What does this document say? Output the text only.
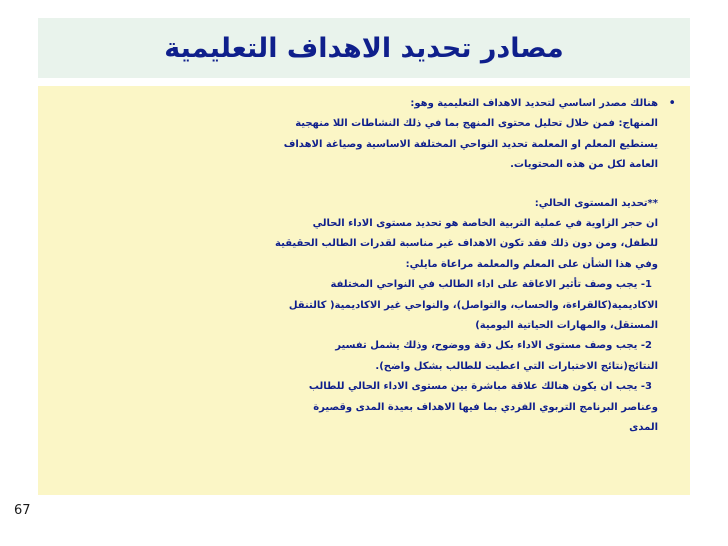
مصادر تحديد الاهداف التعليمية
•
هنالك مصدر اساسي لتحديد الاهداف التعليمية وهو:
المنهاج: فمن خلال تحليل محتوى المنهج بما في ذلك النشاطات اللا منهجية
يستطيع المعلم او المعلمة تحديد النواحي المختلفة الاساسية وصياغة الاهداف
العامة لكل من هذه المحتويات.
**تحديد المستوى الحالي:
ان حجر الزاوية في عملية التربية الخاصة هو تحديد مستوى الاداء الحالي
للطفل، ومن دون ذلك فقد تكون الاهداف غير مناسبة لقدرات الطالب الحقيقية
وفي هذا الشأن على المعلم والمعلمة مراعاة مايلي:
1- يجب وصف تأثير الاعاقة على اداء الطالب في النواحي المختلفة
الاكاديمية(كالقراءة، والحساب، والتواصل)، والنواحي غير الاكاديمية( كالتنقل
المستقل، والمهارات الحياتية اليومية)
2- يجب وصف مستوى الاداء بكل دقة ووضوح، وذلك يشمل تفسير
النتائج(نتائج الاختبارات التي اعطيت للطالب بشكل واضح).
3- يجب ان يكون هنالك علاقة مباشرة بين مستوى الاداء الحالي للطالب
وعناصر البرنامج التربوي الفردي بما فيها الاهداف بعيدة المدى وقصيرة
المدى
67
